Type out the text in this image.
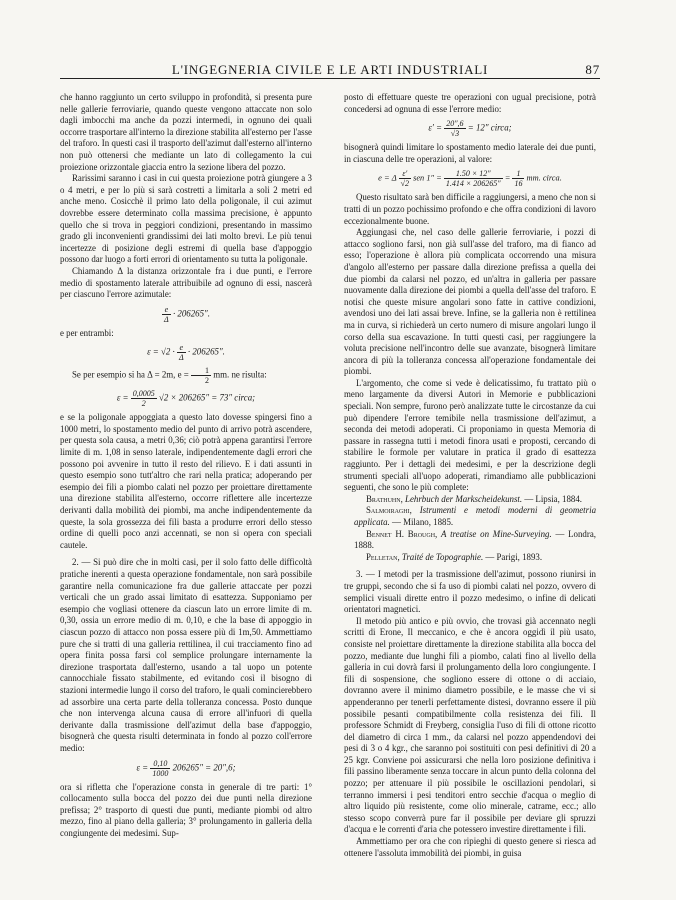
L'INGEGNERIA CIVILE E LE ARTI INDUSTRIALI	87

che hanno raggiunto un certo sviluppo in profondità, si presenta pure nelle gallerie ferroviarie, quando queste vengono attaccate non solo dagli imbocchi ma anche da pozzi intermedi, in ognuno dei quali occorre trasportare all'interno la direzione stabilita all'esterno per l'asse del traforo. In questi casi il trasporto dell'azimut dall'esterno all'interno non può ottenersi che mediante un lato di collegamento la cui proiezione orizzontale giaccia entro la sezione libera del pozzo.

Rarissimi saranno i casi in cui questa proiezione potrà giungere a 3 o 4 metri, e per lo più si sarà costretti a limitarla a soli 2 metri ed anche meno. Cosicchè il primo lato della poligonale, il cui azimut dovrebbe essere determinato colla massima precisione, è appunto quello che si trova in peggiori condizioni, presentando in massimo grado gli inconvenienti grandissimi dei lati molto brevi. Le più tenui incertezze di posizione degli estremi di quella base d'appoggio possono dar luogo a forti errori di orientamento su tutta la poligonale.

Chiamando Δ la distanza orizzontale fra i due punti, e l'errore medio di spostamento laterale attribuibile ad ognuno di essi, nascerà per ciascuno l'errore azimutale:

$\frac{e}{\Delta} \cdot 206265''$.

e per entrambi:

$\varepsilon = √2 \cdot \frac{e}{\Delta} \cdot 206265''$.

Se per esempio si ha Δ = 2m, $e = \frac{1}{2}$ mm. ne risulta:

$\varepsilon = \frac{0,0005}{2} √2 \times 206265'' = 73''$ circa;

e se la poligonale appoggiata a questo lato dovesse spingersi fino a 1000 metri, lo spostamento medio del punto di arrivo potrà ascendere, per questa sola causa, a metri 0,36; ciò potrà appena garantirsi l'errore limite di m. 1,08 in senso laterale, indipendentemente dagli errori che possono poi avvenire in tutto il resto del rilievo. E i dati assunti in questo esempio sono tutt'altro che rari nella pratica; adoperando per esempio dei fili a piombo calati nel pozzo per proiettare direttamente una direzione stabilita all'esterno, occorre riflettere alle incertezze derivanti dalla mobilità dei piombi, ma anche indipendentemente da queste, la sola grossezza dei fili basta a produrre errori dello stesso ordine di quelli poco anzi accennati, se non si opera con speciali cautele.

2. — Si può dire che in molti casi, per il solo fatto delle difficoltà pratiche inerenti a questa operazione fondamentale, non sarà possibile garantire nella comunicazione fra due gallerie attaccate per pozzi verticali che un grado assai limitato di esattezza. Supponiamo per esempio che vogliasi ottenere da ciascun lato un errore limite di m. 0,30, ossia un errore medio di m. 0,10, e che la base di appoggio in ciascun pozzo di attacco non possa essere più di 1m,50. Ammettiamo pure che si tratti di una galleria rettilinea, il cui tracciamento fino ad opera finita possa farsi col semplice prolungare internamente la direzione trasportata dall'esterno, usando a tal uopo un potente cannocchiale fissato stabilmente, ed evitando così il bisogno di stazioni intermedie lungo il corso del traforo, le quali comincierebbero ad assorbire una certa parte della tolleranza concessa. Posto dunque che non intervenga alcuna causa di errore all'infuori di quella derivante dalla trasmissione dell'azimut della base d'appoggio, bisognerà che questa risulti determinata in fondo al pozzo coll'errore medio:

$\varepsilon = \frac{0,10}{1000} 206265'' = 20'',6$;

ora si rifletta che l'operazione consta in generale di tre parti: 1° collocamento sulla bocca del pozzo dei due punti nella direzione prefissa; 2° trasporto di questi due punti, mediante piombi od altro mezzo, fino al piano della galleria; 3° prolungamento in galleria della congiungente dei medesimi. Sup-

posto di effettuare queste tre operazioni con ugual precisione, potrà concedersi ad ognuna di esse l'errore medio:

$\varepsilon' = \frac{20'',6}{√3} = 12''$ circa;

bisognerà quindi limitare lo spostamento medio laterale dei due punti, in ciascuna delle tre operazioni, al valore:

e = Δ $\frac{\varepsilon'}{√2}$ sen $1'' = \frac{1.50 \times 12''}{1.414 \times 206265''} = \frac{1}{16}$ mm. circa.

Questo risultato sarà ben difficile a raggiungersi, a meno che non si tratti di un pozzo pochissimo profondo e che offra condizioni di lavoro eccezionalmente buone.

Aggiungasi che, nel caso delle gallerie ferroviarie, i pozzi di attacco sogliono farsi, non già sull'asse del traforo, ma di fianco ad esso; l'operazione è allora più complicata occorrendo una misura d'angolo all'esterno per passare dalla direzione prefissa a quella dei due piombi da calarsi nel pozzo, ed un'altra in galleria per passare nuovamente dalla direzione dei piombi a quella dell'asse del traforo. E notisi che queste misure angolari sono fatte in cattive condizioni, avendosi uno dei lati assai breve. Infine, se la galleria non è rettilinea ma in curva, si richiederà un certo numero di misure angolari lungo il corso della sua escavazione. In tutti questi casi, per raggiungere la voluta precisione nell'incontro delle sue avanzate, bisognerà limitare ancora di più la tolleranza concessa all'operazione fondamentale dei piombi.

L'argomento, che come si vede è delicatissimo, fu trattato più o meno largamente da diversi Autori in Memorie e pubblicazioni speciali. Non sempre, furono però analizzate tutte le circostanze da cui può dipendere l'errore temibile nella trasmissione dell'azimut, a seconda dei metodi adoperati. Ci proponiamo in questa Memoria di passare in rassegna tutti i metodi finora usati e proposti, cercando di stabilire le formole per valutare in pratica il grado di esattezza raggiunto. Per i dettagli dei medesimi, e per la descrizione degli strumenti speciali all'uopo adoperati, rimandiamo alle pubblicazioni seguenti, che sono le più complete:

Brathuhn, Lehrbuch der Markscheidekunst. — Lipsia, 1884.

Salmoiraghi, Istrumenti e metodi moderni di geometria applicata. — Milano, 1885.

Bennet H. Brough, A treatise on Mine-Surveying. — Londra, 1888.

Pelletan, Traité de Topographie. — Parigi, 1893.

3. — I metodi per la trasmissione dell'azimut, possono riunirsi in tre gruppi, secondo che si fa uso di piombi calati nel pozzo, ovvero di semplici visuali dirette entro il pozzo medesimo, o infine di delicati orientatori magnetici.

Il metodo più antico e più ovvio, che trovasi già accennato negli scritti di Erone, Il meccanico, e che è ancora oggidì il più usato, consiste nel proiettare direttamente la direzione stabilita alla bocca del pozzo, mediante due lunghi fili a piombo, calati fino al livello della galleria in cui dovrà farsi il prolungamento della loro congiungente. I fili di sospensione, che sogliono essere di ottone o di acciaio, dovranno avere il minimo diametro possibile, e le masse che vi si appenderanno per tenerli perfettamente distesi, dovranno essere il più possibile pesanti compatibilmente colla resistenza dei fili. Il professore Schmidt di Freyberg, consiglia l'uso di fili di ottone ricotto del diametro di circa 1 mm., da calarsi nel pozzo appendendovi dei pesi di 3 o 4 kgr., che saranno poi sostituiti con pesi definitivi di 20 a 25 kgr. Conviene poi assicurarsi che nella loro posizione definitiva i fili passino liberamente senza toccare in alcun punto della colonna del pozzo; per attenuare il più possibile le oscillazioni pendolari, si terranno immersi i pesi tenditori entro secchie d'acqua o meglio di altro liquido più resistente, come olio minerale, catrame, ecc.; allo stesso scopo converrà pure far il possibile per deviare gli spruzzi d'acqua e le correnti d'aria che potessero investire direttamente i fili.

Ammettiamo per ora che con ripieghi di questo genere si riesca ad ottenere l'assoluta immobilità dei piombi, in guisa
